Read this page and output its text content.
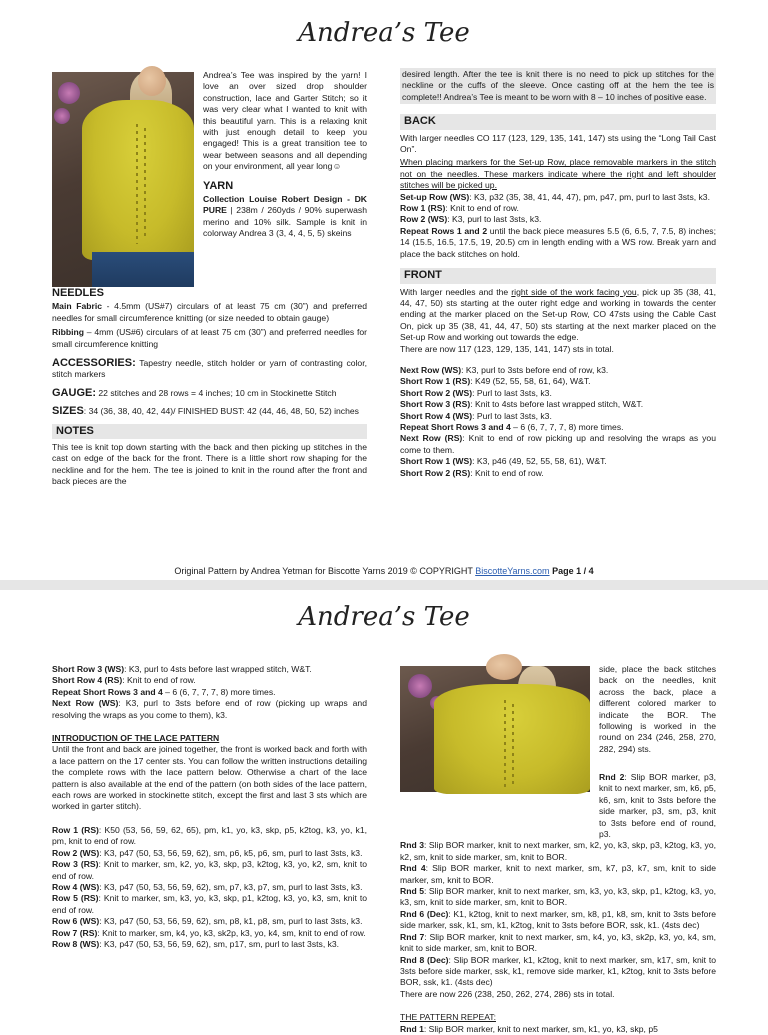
Andrea’s Tee

Andrea’s Tee was inspired by the yarn! I love an over sized drop shoulder construction, lace and Garter Stitch; so it was very clear what I wanted to knit with this beautiful yarn. This is a relaxing knit with just enough detail to keep you engaged! This is a great transition tee to wear between seasons and all depending on your environment, all year long☺

YARN

Collection Louise Robert Design - DK PURE | 238m / 260yds / 90% superwash merino and 10% silk. Sample is knit in colorway Andrea 3 (3, 4, 4, 5, 5) skeins

NEEDLES

Main Fabric - 4.5mm (US#7) circulars of at least 75 cm (30”) and preferred needles for small circumference knitting (or size needed to obtain gauge)

Ribbing – 4mm (US#6) circulars of at least 75 cm (30”) and preferred needles for small circumference knitting

ACCESSORIES: Tapestry needle, stitch holder or yarn of contrasting color, stitch markers

GAUGE: 22 stitches and 28 rows = 4 inches; 10 cm in Stockinette Stitch

SIZES: 34 (36, 38, 40, 42, 44)/ FINISHED BUST: 42 (44, 46, 48, 50, 52) inches

NOTES

This tee is knit top down starting with the back and then picking up stitches in the cast on edge of the back for the front. There is a little short row shaping for the neckline and for the hem. The tee is joined to knit in the round after the front and back pieces are the

desired length. After the tee is knit there is no need to pick up stitches for the neckline or the cuffs of the sleeve. Once casting off at the hem the tee is complete!! Andrea’s Tee is meant to be worn with 8 – 10 inches of positive ease.

BACK

With larger needles CO 117 (123, 129, 135, 141, 147) sts using the “Long Tail Cast On”.

When placing markers for the Set-up Row, place removable markers in the stitch not on the needles. These markers indicate where the right and left shoulder stitches will be picked up.

Set-up Row (WS): K3, p32 (35, 38, 41, 44, 47), pm, p47, pm, purl to last 3sts, k3.

Row 1 (RS): Knit to end of row.

Row 2 (WS): K3, purl to last 3sts, k3.

Repeat Rows 1 and 2 until the back piece measures 5.5 (6, 6.5, 7, 7.5, 8) inches; 14 (15.5, 16.5, 17.5, 19, 20.5) cm in length ending with a WS row. Break yarn and place the back stitches on hold.

FRONT

With larger needles and the right side of the work facing you, pick up 35 (38, 41, 44, 47, 50) sts starting at the outer right edge and working in towards the center ending at the marker placed on the Set-up Row, CO 47sts using the Cable Cast On, pick up 35 (38, 41, 44, 47, 50) sts starting at the next marker placed on the Set-up Row and working out towards the edge.

There are now 117 (123, 129, 135, 141, 147) sts in total.

Next Row (WS): K3, purl to 3sts before end of row, k3.

Short Row 1 (RS): K49 (52, 55, 58, 61, 64), W&T.

Short Row 2 (WS): Purl to last 3sts, k3.

Short Row 3 (RS): Knit to 4sts before last wrapped stitch, W&T.

Short Row 4 (WS): Purl to last 3sts, k3.

Repeat Short Rows 3 and 4 – 6 (6, 7, 7, 7, 8) more times.

Next Row (RS): Knit to end of row picking up and resolving the wraps as you come to them.

Short Row 1 (WS): K3, p46 (49, 52, 55, 58, 61), W&T.

Short Row 2 (RS): Knit to end of row.

Original Pattern by Andrea Yetman for Biscotte Yarns 2019 © COPYRIGHT BiscotteYarns.com Page 1 / 4
Andrea’s Tee

Short Row 3 (WS): K3, purl to 4sts before last wrapped stitch, W&T.

Short Row 4 (RS): Knit to end of row.

Repeat Short Rows 3 and 4 – 6 (6, 7, 7, 7, 8) more times.

Next Row (WS): K3, purl to 3sts before end of row (picking up wraps and resolving the wraps as you come to them), k3.

INTRODUCTION OF THE LACE PATTERN

Until the front and back are joined together, the front is worked back and forth with a lace pattern on the 17 center sts. You can follow the written instructions detailing the complete rows with the lace pattern below. Otherwise a chart of the lace pattern is also available at the end of the pattern (on both sides of the lace pattern, each rows are worked in stockinette stitch, except the first and last 3 sts which are worked in garter stitch).

Row 1 (RS): K50 (53, 56, 59, 62, 65), pm, k1, yo, k3, skp, p5, k2tog, k3, yo, k1, pm, knit to end of row.

Row 2 (WS): K3, p47 (50, 53, 56, 59, 62), sm, p6, k5, p6, sm, purl to last 3sts, k3.

Row 3 (RS): Knit to marker, sm, k2, yo, k3, skp, p3, k2tog, k3, yo, k2, sm, knit to end of row.

Row 4 (WS): K3, p47 (50, 53, 56, 59, 62), sm, p7, k3, p7, sm, purl to last 3sts, k3.

Row 5 (RS): Knit to marker, sm, k3, yo, k3, skp, p1, k2tog, k3, yo, k3, sm, knit to end of row.

Row 6 (WS): K3, p47 (50, 53, 56, 59, 62), sm, p8, k1, p8, sm, purl to last 3sts, k3.

Row 7 (RS): Knit to marker, sm, k4, yo, k3, sk2p, k3, yo, k4, sm, knit to end of row.

Row 8 (WS): K3, p47 (50, 53, 56, 59, 62), sm, p17, sm, purl to last 3sts, k3.

side, place the back stitches back on the needles, knit across the back, place a different colored marker to indicate the BOR. The following is worked in the round on 234 (246, 258, 270, 282, 294) sts.

Rnd 2: Slip BOR marker, p3, knit to next marker, sm, k6, p5, k6, sm, knit to 3sts before the side marker, p3, sm, p3, knit to 3sts before end of round, p3.

Rnd 3: Slip BOR marker, knit to next marker, sm, k2, yo, k3, skp, p3, k2tog, k3, yo, k2, sm, knit to side marker, sm, knit to BOR.

Rnd 4: Slip BOR marker, knit to next marker, sm, k7, p3, k7, sm, knit to side marker, sm, knit to BOR.

Rnd 5: Slip BOR marker, knit to next marker, sm, k3, yo, k3, skp, p1, k2tog, k3, yo, k3, sm, knit to side marker, sm, knit to BOR.

Rnd 6 (Dec): K1, k2tog, knit to next marker, sm, k8, p1, k8, sm, knit to 3sts before side marker, ssk, k1, sm, k1, k2tog, knit to 3sts before BOR, ssk, k1. (4sts dec)

Rnd 7: Slip BOR marker, knit to next marker, sm, k4, yo, k3, sk2p, k3, yo, k4, sm, knit to side marker, sm, knit to BOR.

Rnd 8 (Dec): Slip BOR marker, k1, k2tog, knit to next marker, sm, k17, sm, knit to 3sts before side marker, ssk, k1, remove side marker, k1, k2tog, knit to 3sts before BOR, ssk, k1. (4sts dec)

There are now 226 (238, 250, 262, 274, 286) sts in total.

THE PATTERN REPEAT:

Rnd 1: Slip BOR marker, knit to next marker, sm, k1, yo, k3, skp, p5
